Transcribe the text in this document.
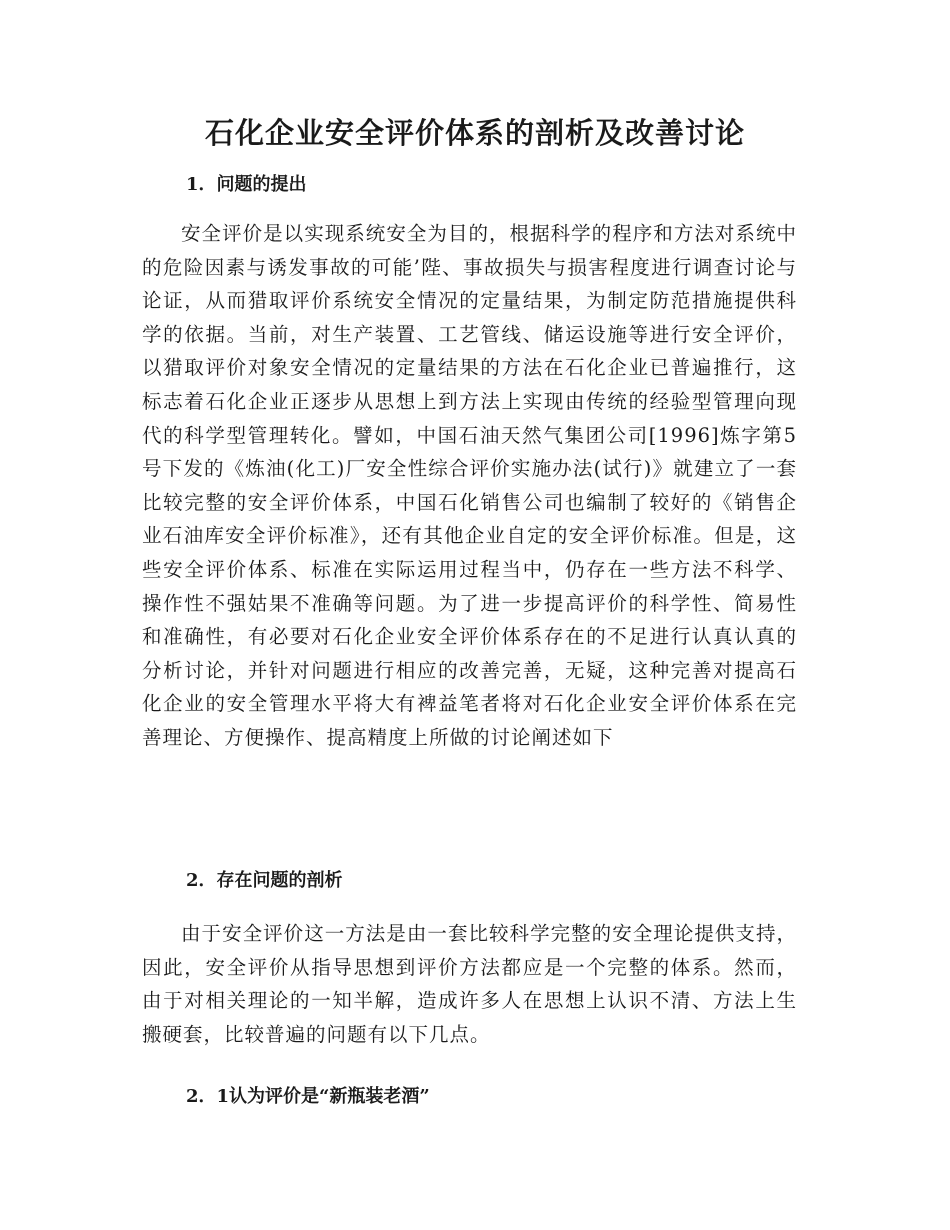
石化企业安全评价体系的剖析及改善讨论
1．问题的提出

安全评价是以实现系统安全为目的，根据科学的程序和方法对系统中的危险因素与诱发事故的可能’陛、事故损失与损害程度进行调查讨论与论证，从而猎取评价系统安全情况的定量结果，为制定防范措施提供科学的依据。当前，对生产装置、工艺管线、储运设施等进行安全评价，以猎取评价对象安全情况的定量结果的方法在石化企业已普遍推行，这标志着石化企业正逐步从思想上到方法上实现由传统的经验型管理向现代的科学型管理转化。譬如，中国石油天然气集团公司[1996]炼字第5号下发的《炼油(化工)厂安全性综合评价实施办法(试行)》就建立了一套比较完整的安全评价体系，中国石化销售公司也编制了较好的《销售企业石油库安全评价标准》，还有其他企业自定的安全评价标准。但是，这些安全评价体系、标准在实际运用过程当中，仍存在一些方法不科学、操作性不强姑果不准确等问题。为了进一步提高评价的科学性、简易性和准确性，有必要对石化企业安全评价体系存在的不足进行认真认真的分析讨论，并针对问题进行相应的改善完善，无疑，这种完善对提高石化企业的安全管理水平将大有裨益笔者将对石化企业安全评价体系在完善理论、方便操作、提高精度上所做的讨论阐述如下

2．存在问题的剖析

由于安全评价这一方法是由一套比较科学完整的安全理论提供支持，因此，安全评价从指导思想到评价方法都应是一个完整的体系。然而，由于对相关理论的一知半解，造成许多人在思想上认识不清、方法上生搬硬套，比较普遍的问题有以下几点。

2．1认为评价是“新瓶装老酒”
